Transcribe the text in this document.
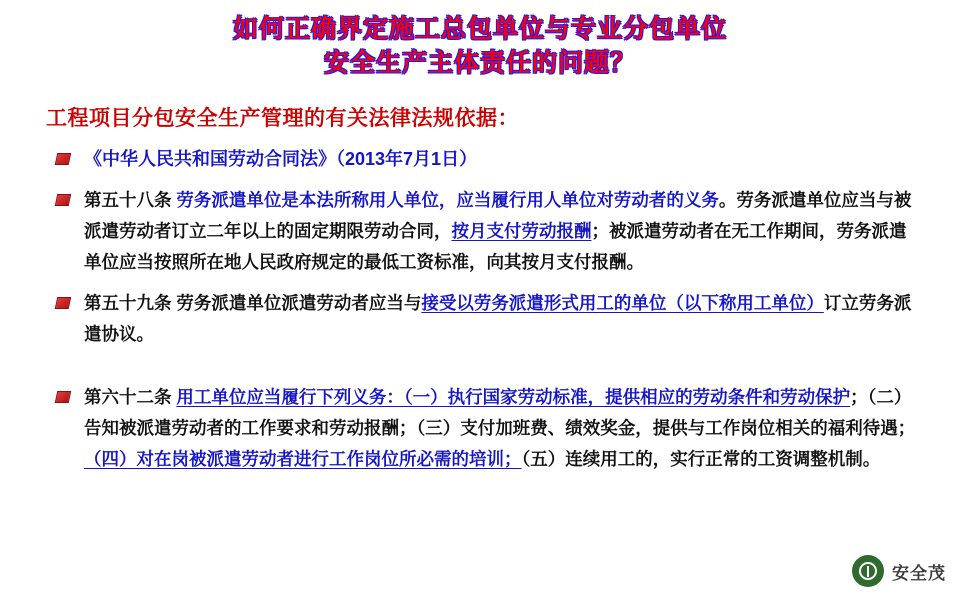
如何正确界定施工总包单位与专业分包单位
安全生产主体责任的问题？
工程项目分包安全生产管理的有关法律法规依据：
《中华人民共和国劳动合同法》（2013年7月1日）
第五十八条 劳务派遣单位是本法所称用人单位，应当履行用人单位对劳动者的义务。劳务派遣单位应当与被派遣劳动者订立二年以上的固定期限劳动合同，按月支付劳动报酬；被派遣劳动者在无工作期间，劳务派遣单位应当按照所在地人民政府规定的最低工资标准，向其按月支付报酬。
第五十九条 劳务派遣单位派遣劳动者应当与接受以劳务派遣形式用工的单位（以下称用工单位）订立劳务派遣协议。
第六十二条 用工单位应当履行下列义务：（一）执行国家劳动标准，提供相应的劳动条件和劳动保护；（二）告知被派遣劳动者的工作要求和劳动报酬；（三）支付加班费、绩效奖金，提供与工作岗位相关的福利待遇；（四）对在岗被派遣劳动者进行工作岗位所必需的培训；（五）连续用工的，实行正常的工资调整机制。
安全茂
